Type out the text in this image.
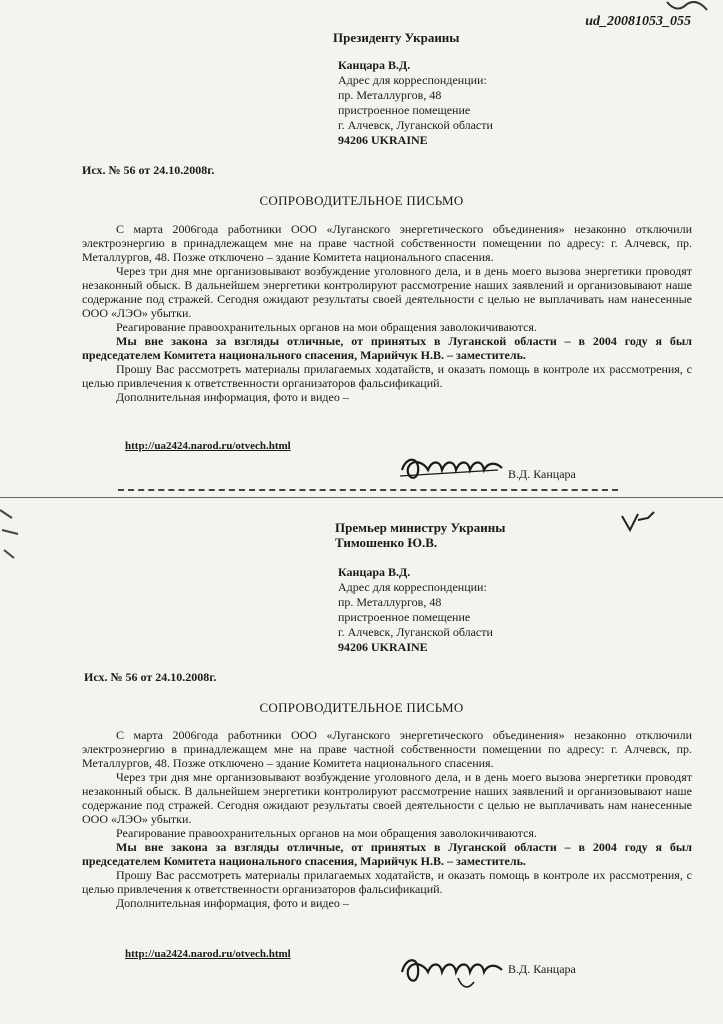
ud_20081053_055
Президенту Украины
Канцара В.Д.
Адрес для корреспонденции:
пр. Металлургов, 48
пристроенное помещение
г. Алчевск, Луганской области
94206 UKRAINE
Исх. № 56 от 24.10.2008г.
СОПРОВОДИТЕЛЬНОЕ ПИСЬМО

С марта 2006года работники ООО «Луганского энергетического объединения» незаконно отключили электроэнергию в принадлежащем мне на праве частной собственности помещении по адресу: г. Алчевск, пр. Металлургов, 48. Позже отключено – здание Комитета национального спасения.

Через три дня мне организовывают возбуждение уголовного дела, и в день моего вызова энергетики проводят незаконный обыск. В дальнейшем энергетики контролируют рассмотрение наших заявлений и организовывают наше содержание под стражей. Сегодня ожидают результаты своей деятельности с целью не выплачивать нам нанесенные ООО «ЛЭО» убытки.

Реагирование правоохранительных органов на мои обращения заволокичиваются.

Мы вне закона за взгляды отличные, от принятых в Луганской области – в 2004 году я был председателем Комитета национального спасения, Марийчук Н.В. – заместитель.

Прошу Вас рассмотреть материалы прилагаемых ходатайств, и оказать помощь в контроле их рассмотрения, с целью привлечения к ответственности организаторов фальсификаций.

Дополнительная информация, фото и видео –

http://ua2424.narod.ru/otvech.html
В.Д. Канцара
Премьер министру Украины
Тимошенко Ю.В.
Канцара В.Д.
Адрес для корреспонденции:
пр. Металлургов, 48
пристроенное помещение
г. Алчевск, Луганской области
94206 UKRAINE
Исх. № 56 от 24.10.2008г.
СОПРОВОДИТЕЛЬНОЕ ПИСЬМО

С марта 2006года работники ООО «Луганского энергетического объединения» незаконно отключили электроэнергию в принадлежащем мне на праве частной собственности помещении по адресу: г. Алчевск, пр. Металлургов, 48. Позже отключено – здание Комитета национального спасения.

Через три дня мне организовывают возбуждение уголовного дела, и в день моего вызова энергетики проводят незаконный обыск. В дальнейшем энергетики контролируют рассмотрение наших заявлений и организовывают наше содержание под стражей. Сегодня ожидают результаты своей деятельности с целью не выплачивать нам нанесенные ООО «ЛЭО» убытки.

Реагирование правоохранительных органов на мои обращения заволокичиваются.

Мы вне закона за взгляды отличные, от принятых в Луганской области – в 2004 году я был председателем Комитета национального спасения, Марийчук Н.В. – заместитель.

Прошу Вас рассмотреть материалы прилагаемых ходатайств, и оказать помощь в контроле их рассмотрения, с целью привлечения к ответственности организаторов фальсификаций.

Дополнительная информация, фото и видео –

http://ua2424.narod.ru/otvech.html
В.Д. Канцара
